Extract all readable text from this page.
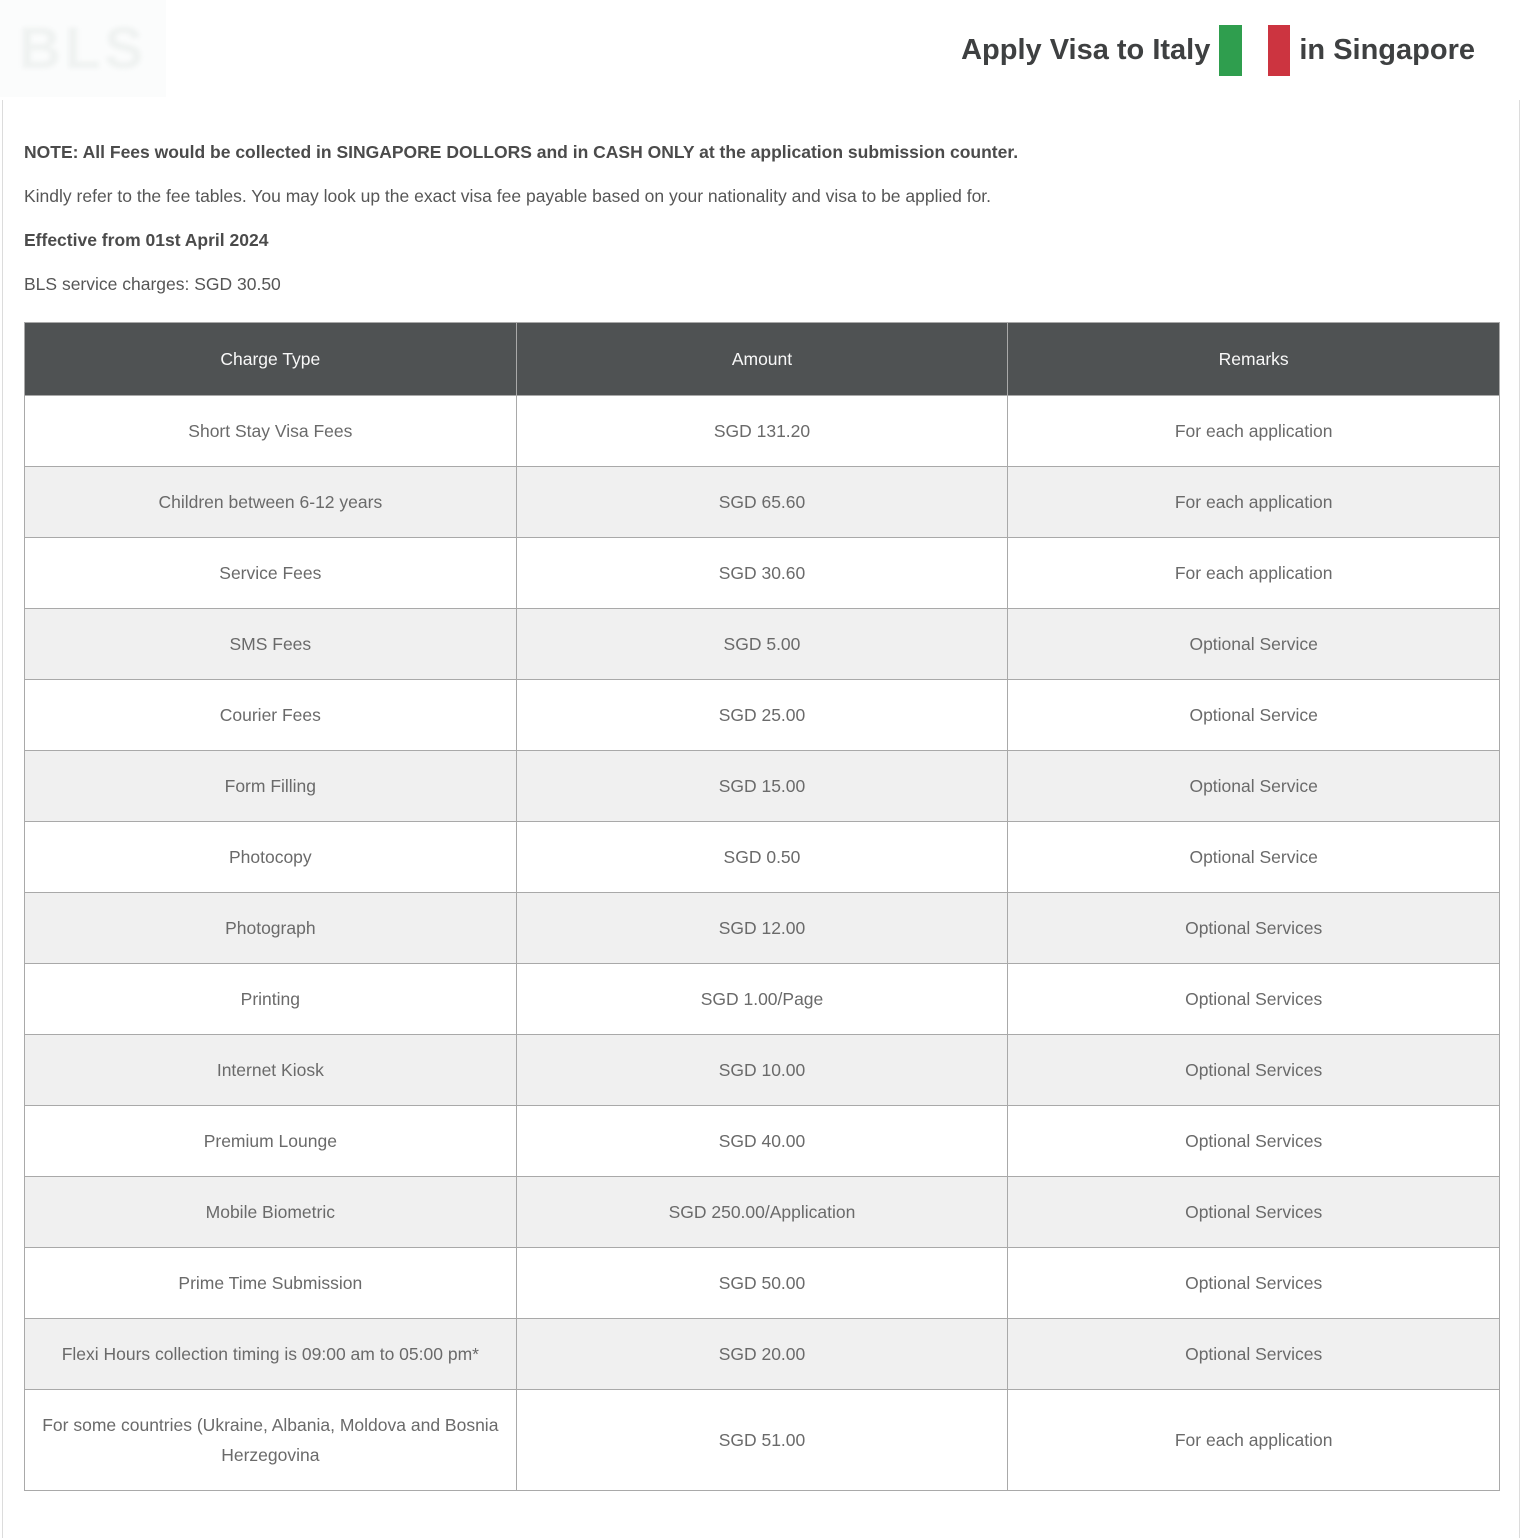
BLS	Apply Visa to Italy	in Singapore

NOTE: All Fees would be collected in SINGAPORE DOLLORS and in CASH ONLY at the application submission counter.

Kindly refer to the fee tables. You may look up the exact visa fee payable based on your nationality and visa to be applied for.

Effective from 01st April 2024

BLS service charges: SGD 30.50

Charge Type	Amount	Remarks
Short Stay Visa Fees	SGD 131.20	For each application
Children between 6-12 years	SGD 65.60	For each application
Service Fees	SGD 30.60	For each application
SMS Fees	SGD 5.00	Optional Service
Courier Fees	SGD 25.00	Optional Service
Form Filling	SGD 15.00	Optional Service
Photocopy	SGD 0.50	Optional Service
Photograph	SGD 12.00	Optional Services
Printing	SGD 1.00/Page	Optional Services
Internet Kiosk	SGD 10.00	Optional Services
Premium Lounge	SGD 40.00	Optional Services
Mobile Biometric	SGD 250.00/Application	Optional Services
Prime Time Submission	SGD 50.00	Optional Services
Flexi Hours collection timing is 09:00 am to 05:00 pm*	SGD 20.00	Optional Services
For some countries (Ukraine, Albania, Moldova and Bosnia Herzegovina	SGD 51.00	For each application
